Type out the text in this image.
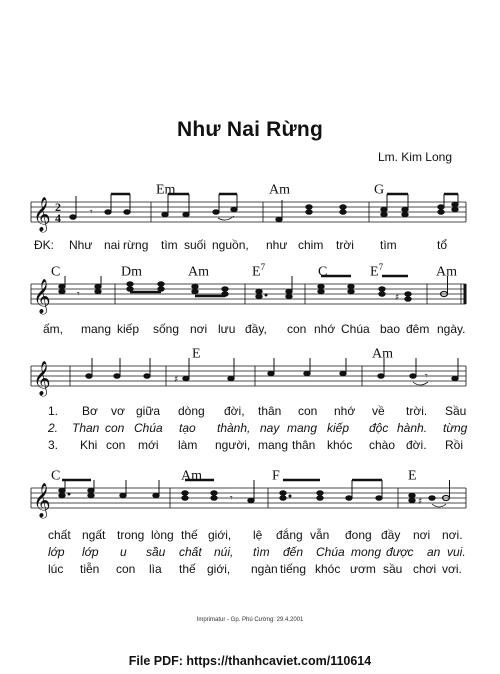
Như Nai Rừng
Lm. Kim Long
Em	Am	G
𝄞 2
4	𝄾
ĐK: Như nai rừng tìm suối nguồn, như chim trời tìm	tổ
C	Dm	Am	$E^7$	C	$E^7$	Am
𝄞	𝄾	♯
ấm, mang kiếp sống nơi lưu đầy, con nhớ Chúa bao đêm ngày.
E	Am
𝄞	♯	𝄾
1. Bơ vơ giữa dòng đời, thân con nhớ về trời. Sầu
2. Than con Chúa tạo thành, nay mang kiếp độc hành. từng
3. Khi con mới làm người, mang thân khóc chào đời. Rồi
C	Am	F	E
𝄞	𝄾	♯
chất ngất trong lòng thế giới, lệ đắng vẫn đong đầy nơi nơi.
lớp lớp u sầu chất núi, tìm đến Chúa mong được an vui.
lúc tiễn con lìa thế giới, ngàn tiếng khóc ươm sầu chơi vơi.
Imprimatur - Gp. Phú Cường: 29.4.2001
File PDF: https://thanhcaviet.com/110614
